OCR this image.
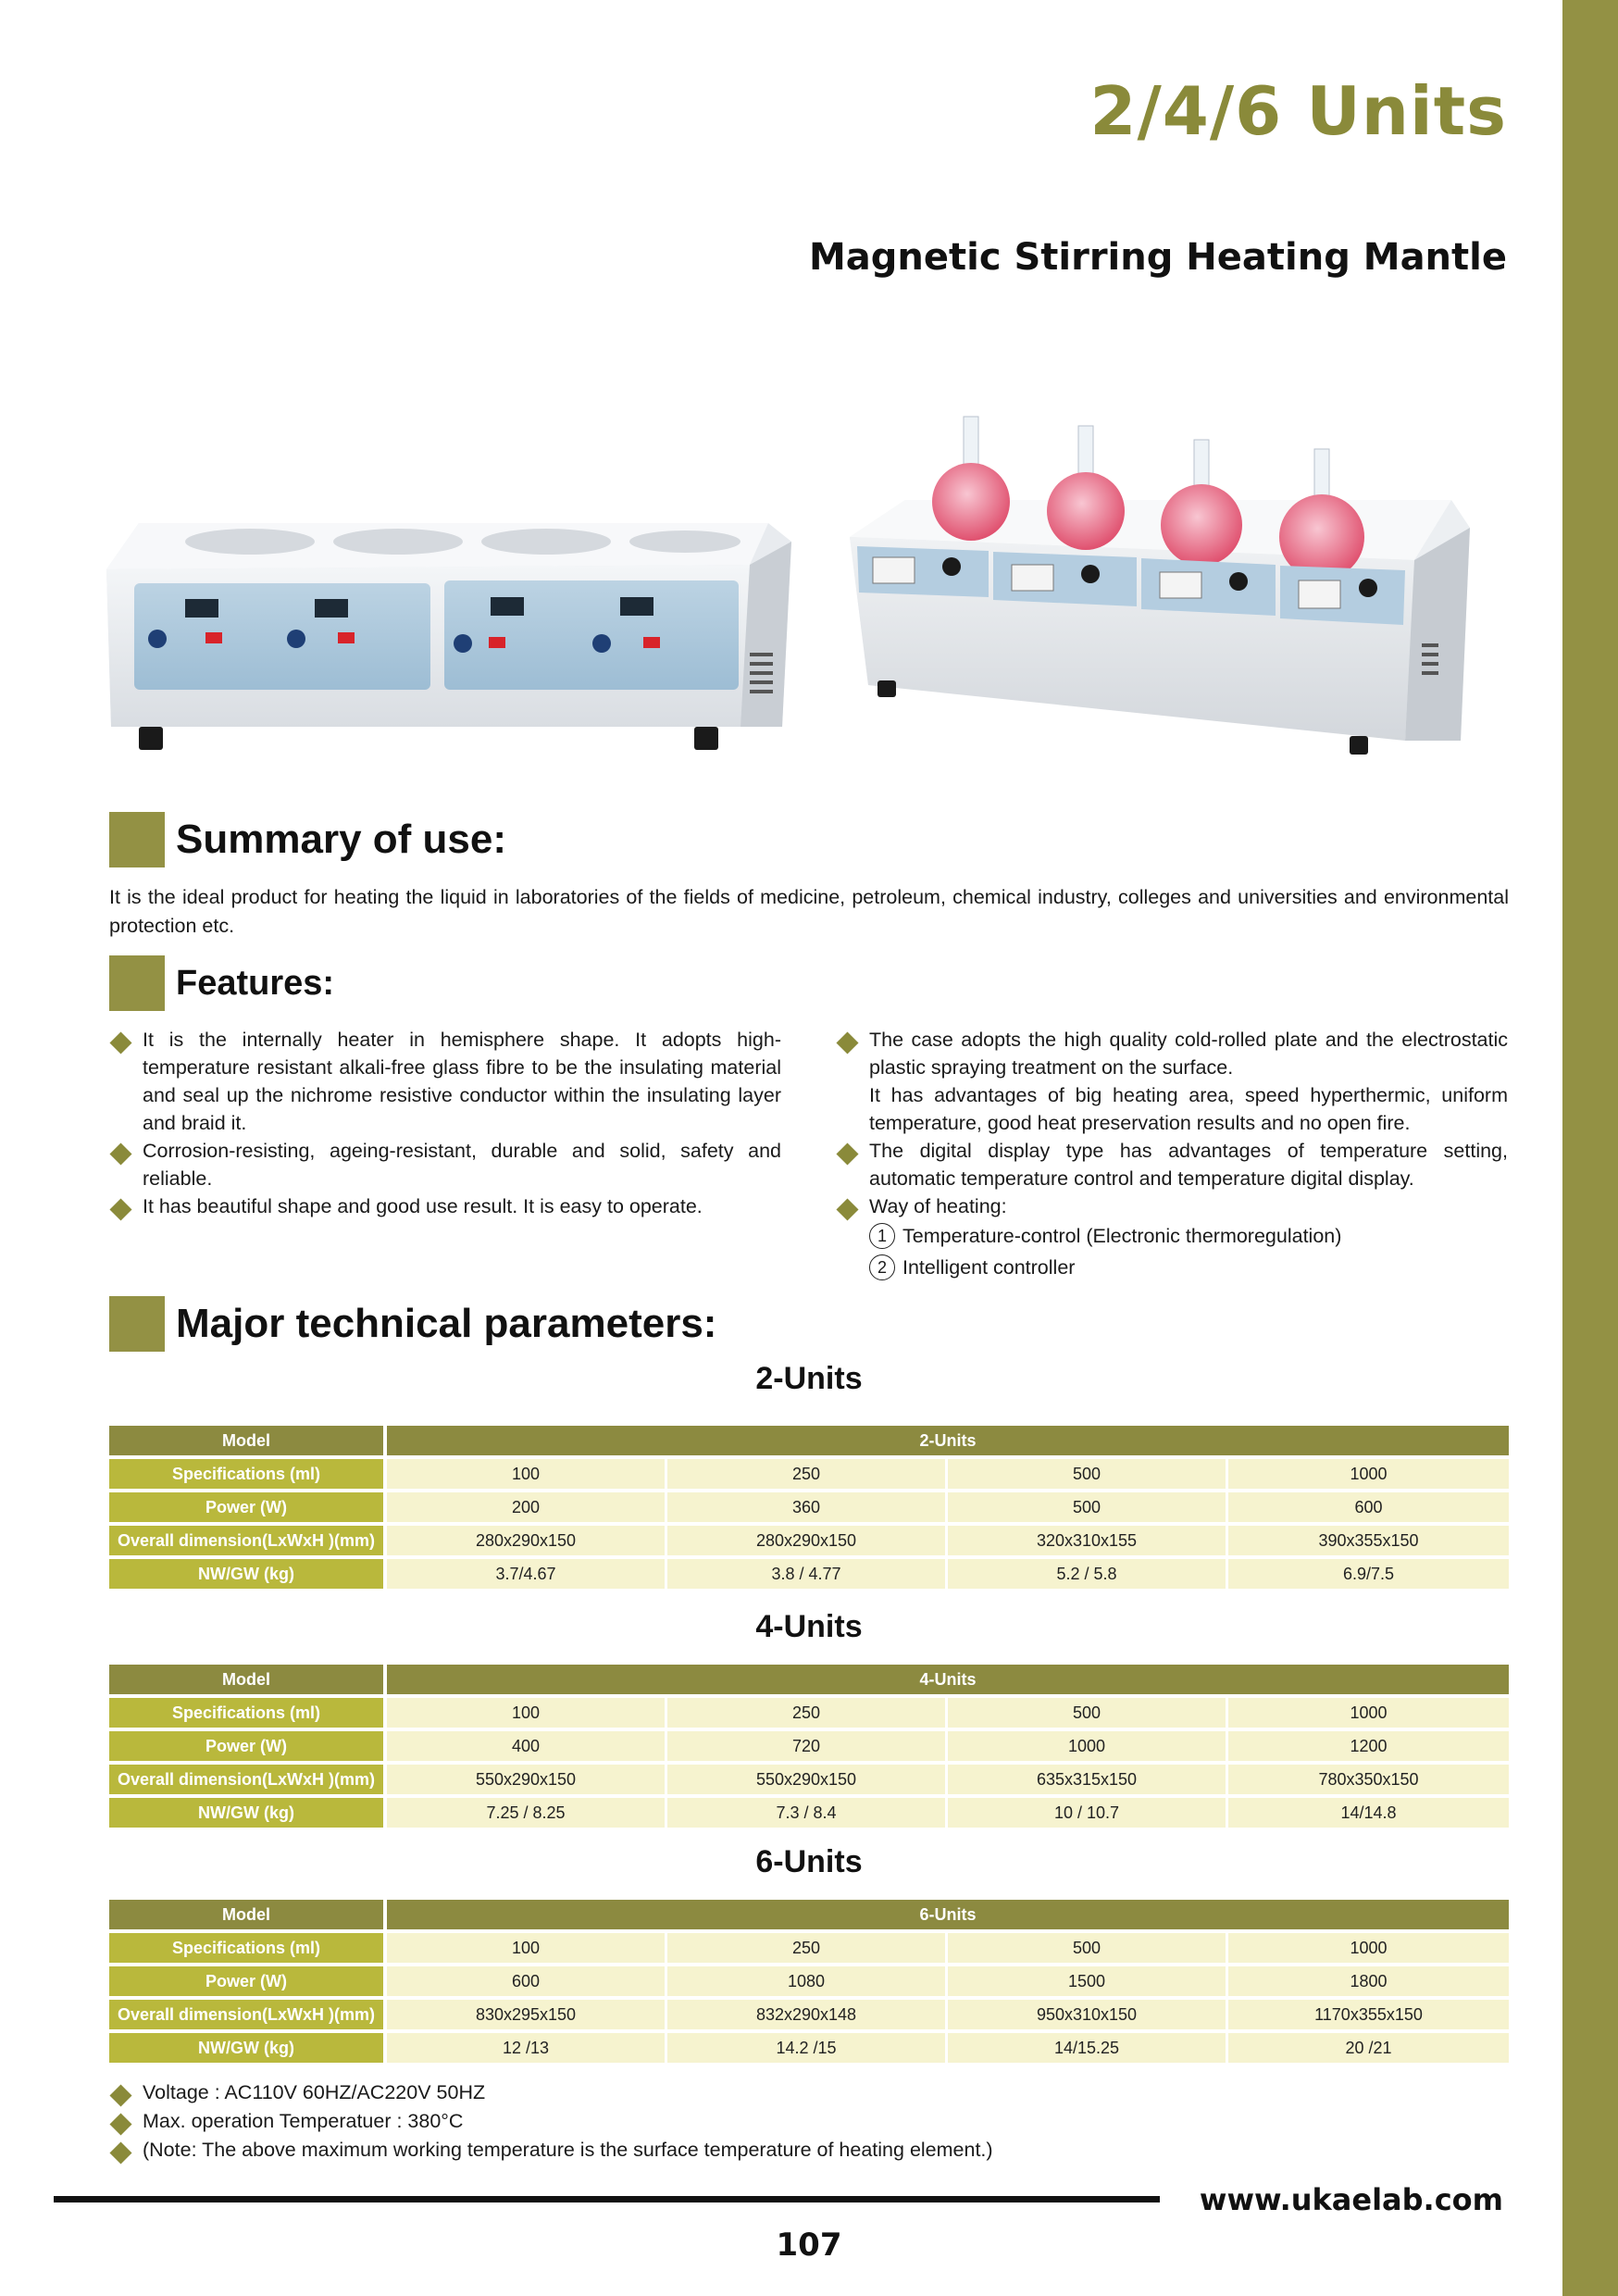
2/4/6 Units
Magnetic Stirring Heating Mantle
Summary of use:
It is the ideal product for heating the liquid in laboratories of the fields of medicine, petroleum, chemical industry, colleges and universities and environmental protection etc.
Features:
It is the internally heater in hemisphere shape. It adopts high-temperature resistant alkali-free glass fibre to be the insulating material and seal up the nichrome resistive conductor within the insulating layer and braid it.
Corrosion-resisting, ageing-resistant, durable and solid, safety and reliable.
It has beautiful shape and good use result. It is easy to operate.
The case adopts the high quality cold-rolled plate and the electrostatic plastic spraying treatment on the surface.
It has advantages of big heating area, speed hyperthermic, uniform temperature, good heat preservation results and no open fire.
The digital display type has advantages of temperature setting, automatic temperature control and temperature digital display.
Way of heating:
1 Temperature-control (Electronic thermoregulation)
2 Intelligent controller
Major technical parameters:
2-Units
Model	2-Units			
Specifications (ml)	100	250	500	1000
Power (W)	200	360	500	600
Overall dimension(LxWxH )(mm)	280x290x150	280x290x150	320x310x155	390x355x150
NW/GW (kg)	3.7/4.67	3.8 / 4.77	5.2 / 5.8	6.9/7.5
4-Units
Model	4-Units			
Specifications (ml)	100	250	500	1000
Power (W)	400	720	1000	1200
Overall dimension(LxWxH )(mm)	550x290x150	550x290x150	635x315x150	780x350x150
NW/GW (kg)	7.25 / 8.25	7.3 / 8.4	10 / 10.7	14/14.8
6-Units
Model	6-Units			
Specifications (ml)	100	250	500	1000
Power (W)	600	1080	1500	1800
Overall dimension(LxWxH )(mm)	830x295x150	832x290x148	950x310x150	1170x355x150
NW/GW (kg)	12 /13	14.2 /15	14/15.25	20 /21
Voltage : AC110V 60HZ/AC220V 50HZ
Max. operation Temperatuer : 380°C
(Note: The above maximum working temperature is the surface temperature of heating element.)
www.ukaelab.com
107
